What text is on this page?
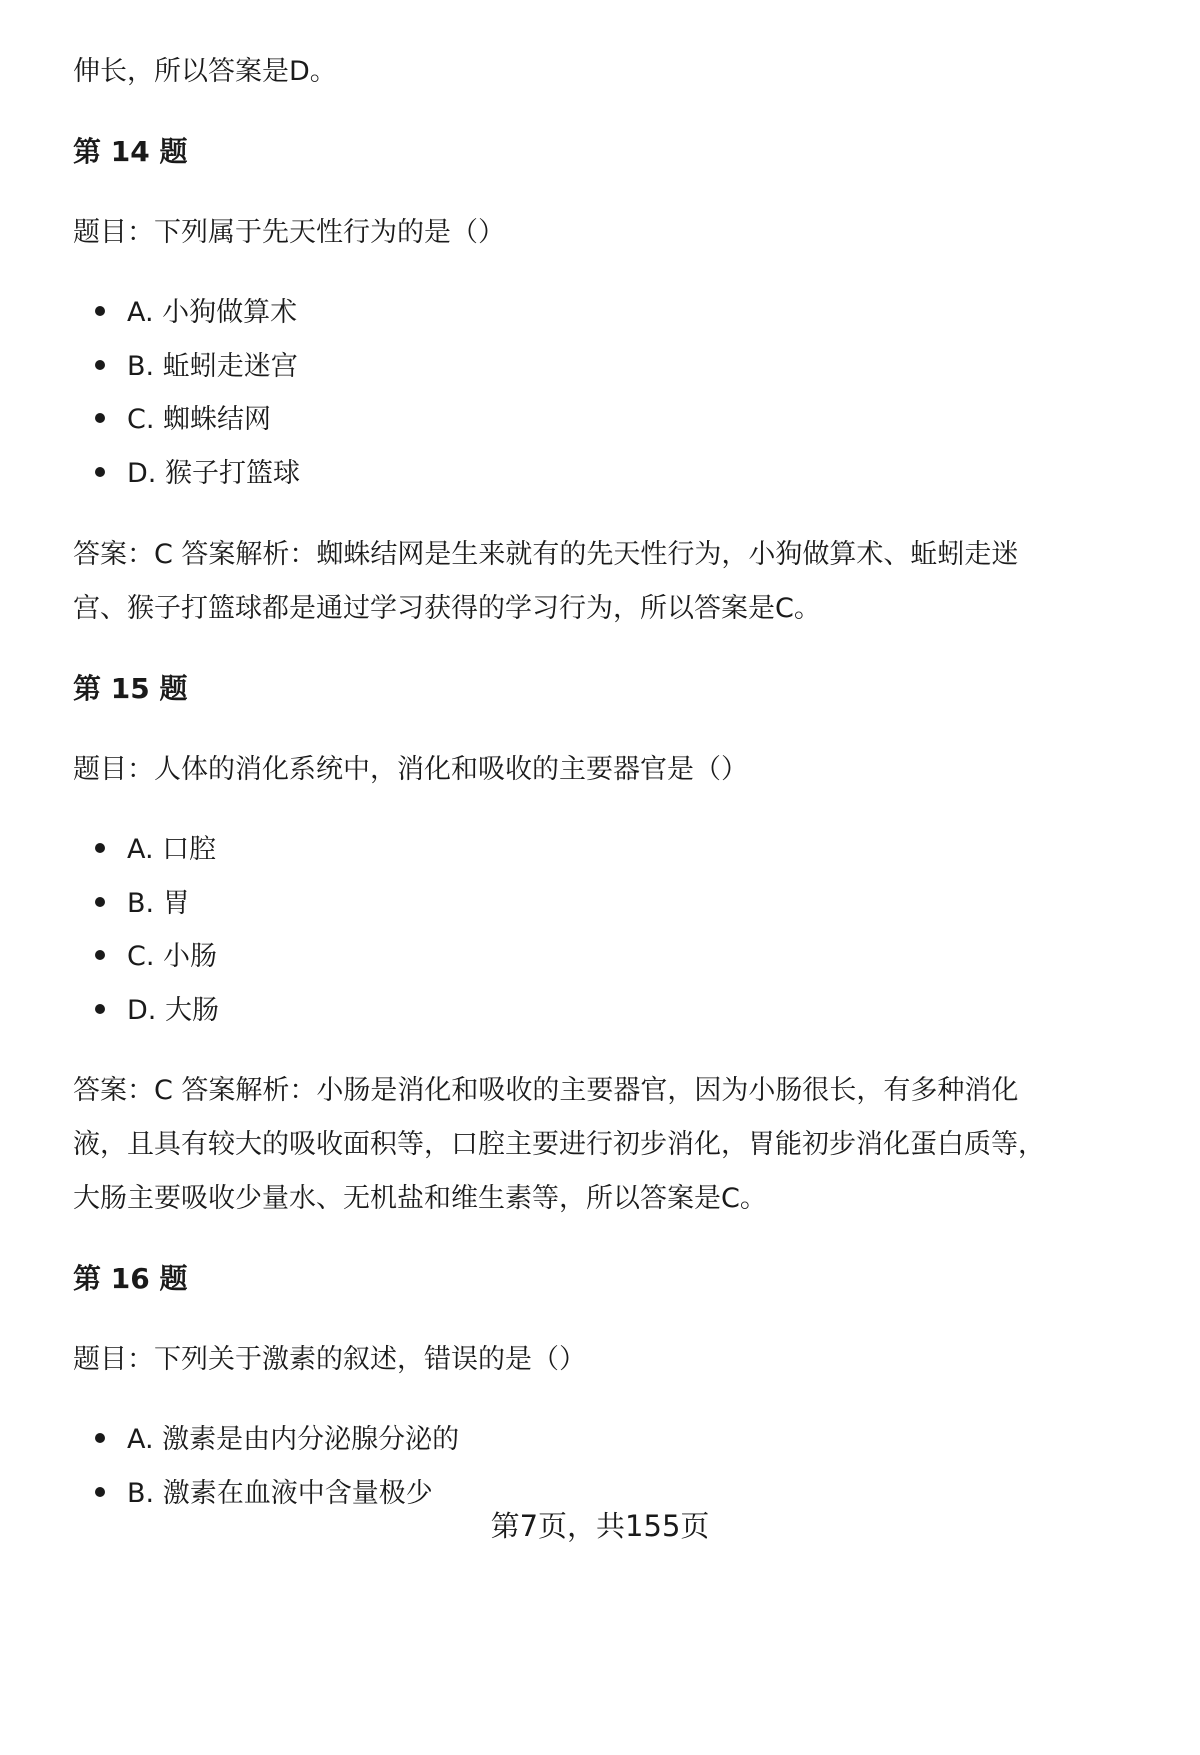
伸长，所以答案是D。
第 14 题
题目：下列属于先天性行为的是（）
A. 小狗做算术
B. 蚯蚓走迷宫
C. 蜘蛛结网
D. 猴子打篮球
答案：C 答案解析：蜘蛛结网是生来就有的先天性行为，小狗做算术、蚯蚓走迷
宫、猴子打篮球都是通过学习获得的学习行为，所以答案是C。
第 15 题
题目：人体的消化系统中，消化和吸收的主要器官是（）
A. 口腔
B. 胃
C. 小肠
D. 大肠
答案：C 答案解析：小肠是消化和吸收的主要器官，因为小肠很长，有多种消化
液，且具有较大的吸收面积等，口腔主要进行初步消化，胃能初步消化蛋白质等，
大肠主要吸收少量水、无机盐和维生素等，所以答案是C。
第 16 题
题目：下列关于激素的叙述，错误的是（）
A. 激素是由内分泌腺分泌的
B. 激素在血液中含量极少
第7页，共155页
